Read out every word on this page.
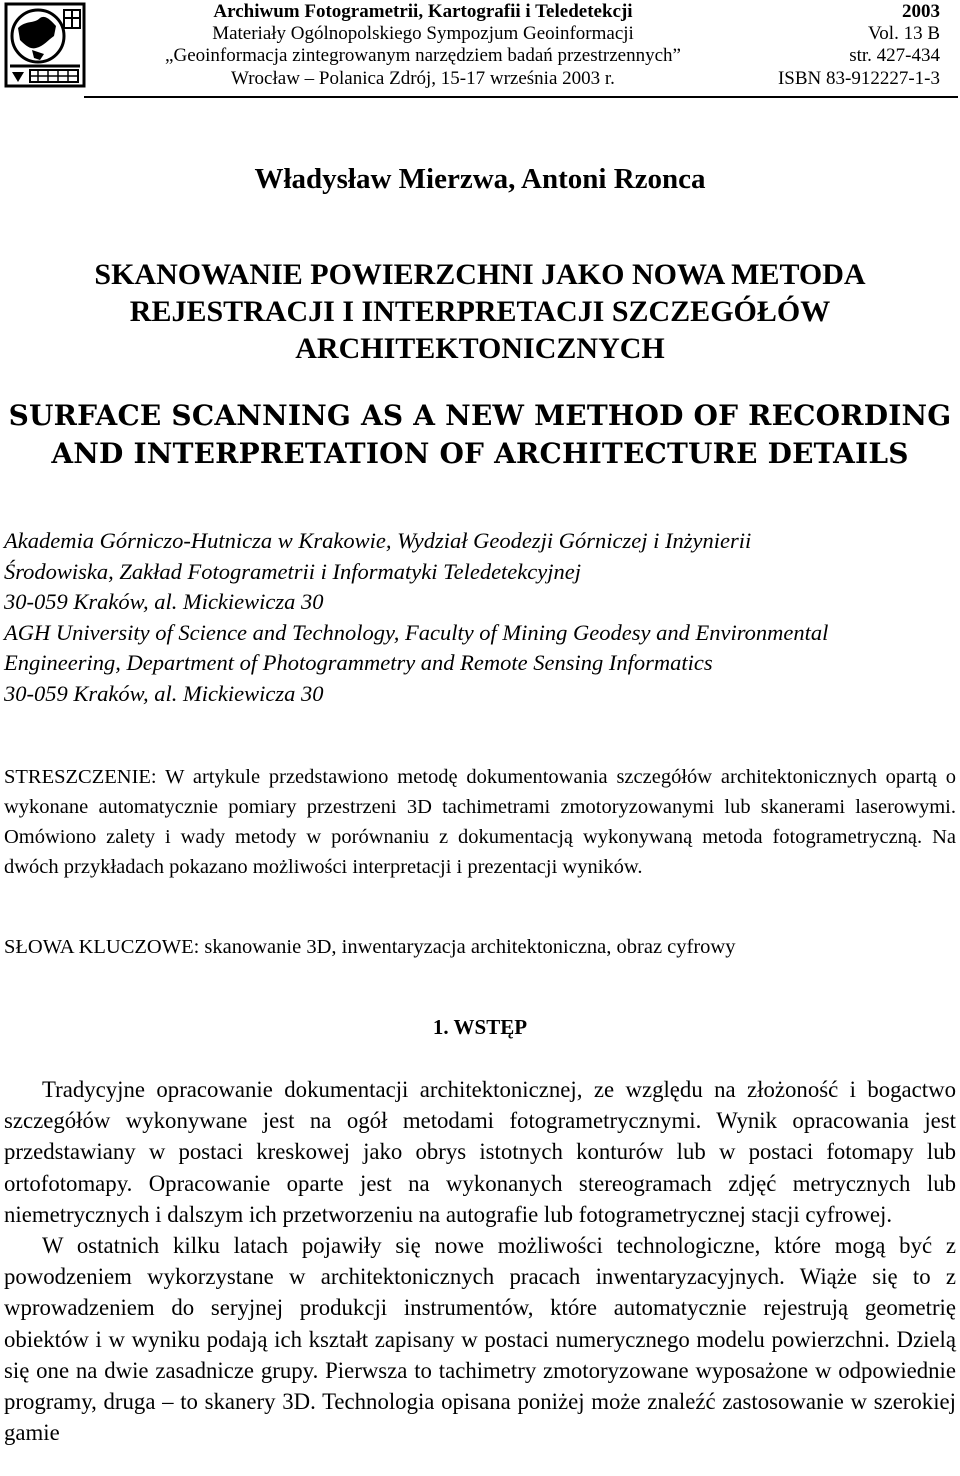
Archiwum Fotogrametrii, Kartografii i Teledetekcji
Materiały Ogólnopolskiego Sympozjum Geoinformacji
„Geoinformacja zintegrowanym narzędziem badań przestrzennych”
Wrocław – Polanica Zdrój, 15-17 września 2003 r.
2003
Vol. 13 B
str. 427-434
ISBN 83-912227-1-3
Władysław Mierzwa, Antoni Rzonca
SKANOWANIE POWIERZCHNI JAKO NOWA METODA
REJESTRACJI I INTERPRETACJI SZCZEGÓŁÓW
ARCHITEKTONICZNYCH
SURFACE SCANNING AS A NEW METHOD OF RECORDING
AND INTERPRETATION OF ARCHITECTURE DETAILS
Akademia Górniczo-Hutnicza w Krakowie, Wydział Geodezji Górniczej i Inżynierii
Środowiska, Zakład Fotogrametrii i Informatyki Teledetekcyjnej
30-059 Kraków, al. Mickiewicza 30
AGH University of Science and Technology, Faculty of Mining Geodesy and Environmental
Engineering, Department of Photogrammetry and Remote Sensing Informatics
30-059 Kraków, al. Mickiewicza 30
STRESZCZENIE: W artykule przedstawiono metodę dokumentowania szczegółów architektonicznych opartą o wykonane automatycznie pomiary przestrzeni 3D tachimetrami zmotoryzowanymi lub skanerami laserowymi. Omówiono zalety i wady metody w porównaniu z dokumentacją wykonywaną metoda fotogrametryczną. Na dwóch przykładach pokazano możliwości interpretacji i prezentacji wyników.
SŁOWA KLUCZOWE: skanowanie 3D, inwentaryzacja architektoniczna, obraz cyfrowy
1. WSTĘP

Tradycyjne opracowanie dokumentacji architektonicznej, ze względu na złożoność i bogactwo szczegółów wykonywane jest na ogół metodami fotogrametrycznymi. Wynik opracowania jest przedstawiany w postaci kreskowej jako obrys istotnych konturów lub w postaci fotomapy lub ortofotomapy. Opracowanie oparte jest na wykonanych stereogramach zdjęć metrycznych lub niemetrycznych i dalszym ich przetworzeniu na autografie lub fotogrametrycznej stacji cyfrowej.

W ostatnich kilku latach pojawiły się nowe możliwości technologiczne, które mogą być z powodzeniem wykorzystane w architektonicznych pracach inwentaryzacyjnych. Wiąże się to z wprowadzeniem do seryjnej produkcji instrumentów, które automatycznie rejestrują geometrię obiektów i w wyniku podają ich kształt zapisany w postaci numerycznego modelu powierzchni. Dzielą się one na dwie zasadnicze grupy. Pierwsza to tachimetry zmotoryzowane wyposażone w odpowiednie programy, druga – to skanery 3D. Technologia opisana poniżej może znaleźć zastosowanie w szerokiej gamie
